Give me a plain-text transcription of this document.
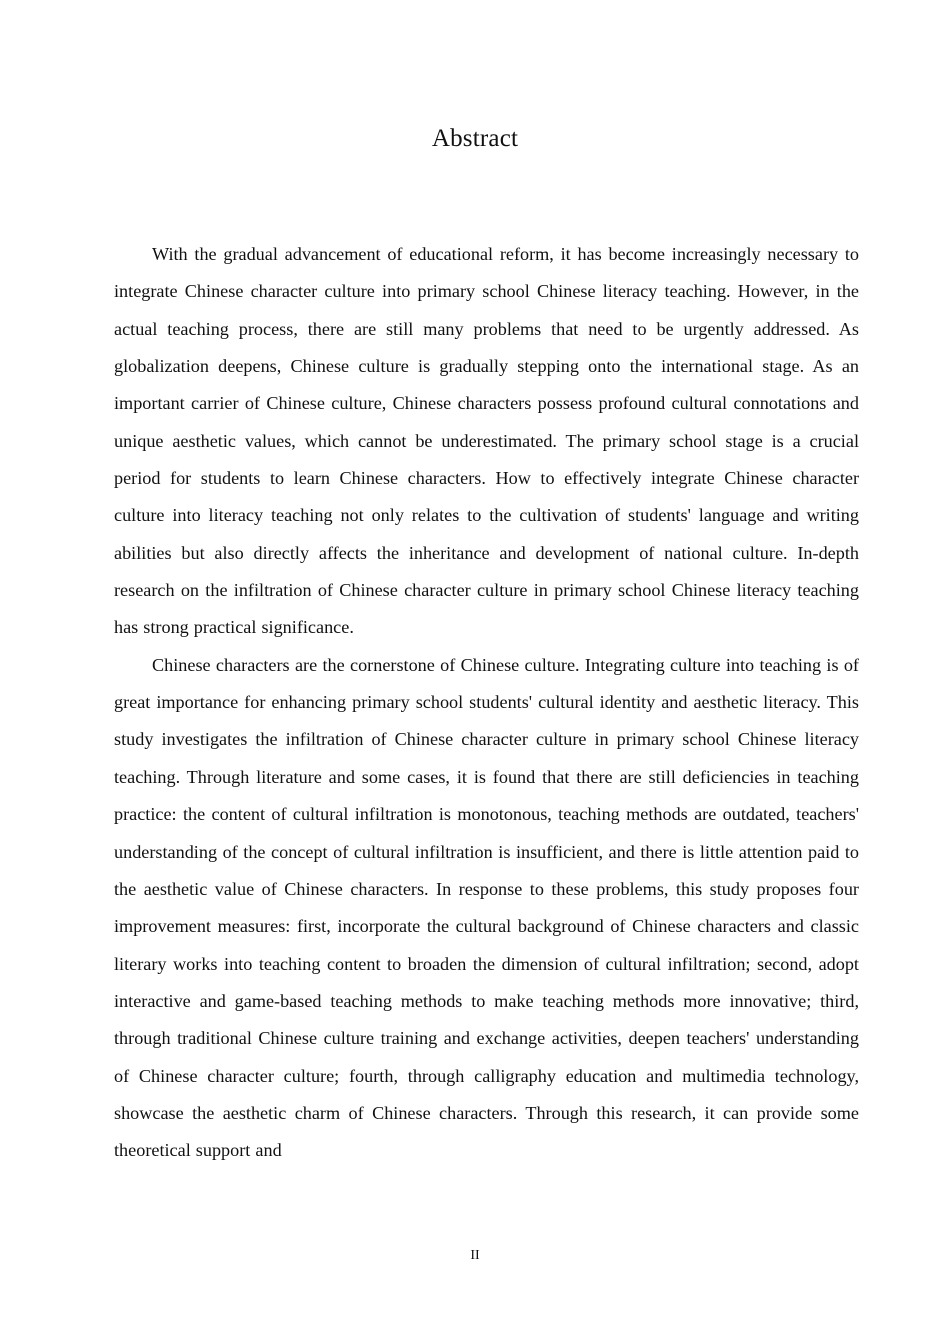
Abstract

With the gradual advancement of educational reform, it has become increasingly necessary to integrate Chinese character culture into primary school Chinese literacy teaching. However, in the actual teaching process, there are still many problems that need to be urgently addressed. As globalization deepens, Chinese culture is gradually stepping onto the international stage. As an important carrier of Chinese culture, Chinese characters possess profound cultural connotations and unique aesthetic values, which cannot be underestimated. The primary school stage is a crucial period for students to learn Chinese characters. How to effectively integrate Chinese character culture into literacy teaching not only relates to the cultivation of students' language and writing abilities but also directly affects the inheritance and development of national culture. In-depth research on the infiltration of Chinese character culture in primary school Chinese literacy teaching has strong practical significance.

Chinese characters are the cornerstone of Chinese culture. Integrating culture into teaching is of great importance for enhancing primary school students' cultural identity and aesthetic literacy. This study investigates the infiltration of Chinese character culture in primary school Chinese literacy teaching. Through literature and some cases, it is found that there are still deficiencies in teaching practice: the content of cultural infiltration is monotonous, teaching methods are outdated, teachers' understanding of the concept of cultural infiltration is insufficient, and there is little attention paid to the aesthetic value of Chinese characters. In response to these problems, this study proposes four improvement measures: first, incorporate the cultural background of Chinese characters and classic literary works into teaching content to broaden the dimension of cultural infiltration; second, adopt interactive and game-based teaching methods to make teaching methods more innovative; third, through traditional Chinese culture training and exchange activities, deepen teachers' understanding of Chinese character culture; fourth, through calligraphy education and multimedia technology, showcase the aesthetic charm of Chinese characters. Through this research, it can provide some theoretical support and

II
